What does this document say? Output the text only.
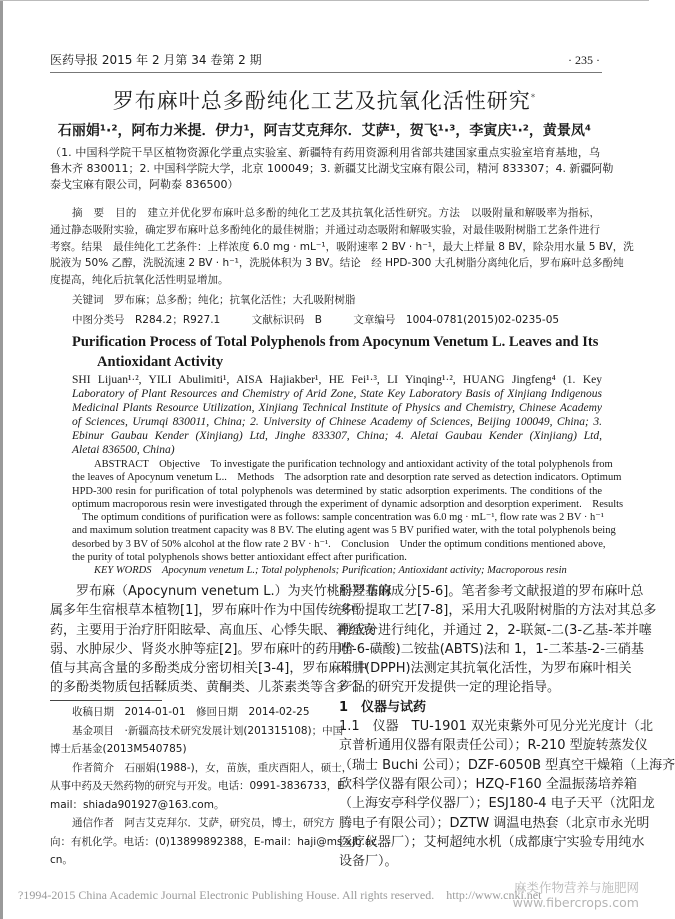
医药导报 2015 年 2 月第 34 卷第 2 期	· 235 ·
罗布麻叶总多酚纯化工艺及抗氧化活性研究*
石丽娟¹·²，阿布力米提．伊力¹，阿吉艾克拜尔．艾萨¹，贺飞¹·³，李寅庆¹·²，黄景凤⁴
（1. 中国科学院干旱区植物资源化学重点实验室、新疆特有药用资源利用省部共建国家重点实验室培育基地，乌
鲁木齐 830011；2. 中国科学院大学，北京 100049；3. 新疆艾比湖戈宝麻有限公司，精河 833307；4. 新疆阿勒
泰戈宝麻有限公司，阿勒泰 836500）
摘　要　目的　建立并优化罗布麻叶总多酚的纯化工艺及其抗氧化活性研究。方法　以吸附量和解吸率为指标，
通过静态吸附实验，确定罗布麻叶总多酚纯化的最佳树脂；并通过动态吸附和解吸实验，对最佳吸附树脂工艺条件进行
考察。结果　最佳纯化工艺条件：上样浓度 6.0 mg · mL⁻¹，吸附速率 2 BV · h⁻¹，最大上样量 8 BV，除杂用水量 5 BV，洗
脱液为 50% 乙醇，洗脱流速 2 BV · h⁻¹，洗脱体积为 3 BV。结论　经 HPD-300 大孔树脂分离纯化后，罗布麻叶总多酚纯
度提高，纯化后抗氧化活性明显增加。
关键词　罗布麻；总多酚；纯化；抗氧化活性；大孔吸附树脂
中图分类号　R284.2；R927.1　　　文献标识码　B　　　文章编号　1004-0781(2015)02-0235-05
Purification Process of Total Polyphenols from Apocynum Venetum L. Leaves and Its
Antioxidant Activity
SHI Lijuan¹·², YILI Abulimiti¹, AISA Hajiakber¹, HE Fei¹·³, LI Yinqing¹·², HUANG Jingfeng⁴ (1. Key
Laboratory of Plant Resources and Chemistry of Arid Zone, State Key Laboratory Basis of Xinjiang Indigenous
Medicinal Plants Resource Utilization, Xinjiang Technical Institute of Physics and Chemistry, Chinese Academy
of Sciences, Urumqi 830011, China; 2. University of Chinese Academy of Sciences, Beijing 100049, China; 3.
Ebinur Gaubau Kender (Xinjiang) Ltd, Jinghe 833307, China; 4. Aletai Gaubau Kender (Xinjiang) Ltd,
Aletai 836500, China)
ABSTRACT　Objective　To investigate the purification technology and antioxidant activity of the total polyphenols from
the leaves of Apocynum venetum L..　Methods　The adsorption rate and desorption rate served as detection indicators. Optimum
HPD-300 resin for purification of total polyphenols was determined by static adsorption experiments. The conditions of the
optimum macroporous resin were investigated through the experiment of dynamic adsorption and desorption experiment.　Results
The optimum conditions of purification were as follows: sample concentration was 6.0 mg · mL⁻¹, flow rate was 2 BV · h⁻¹
and maximum solution treatment capacity was 8 BV. The eluting agent was 5 BV purified water, with the total polyphenols being
desorbed by 3 BV of 50% alcohol at the flow rate 2 BV · h⁻¹.　Conclusion　Under the optimum conditions mentioned above,
the purity of total polyphenols shows better antioxidant effect after purification.
KEY WORDS　Apocynum venetum L.; Total polyphenols; Purification; Antioxidant activity; Macroporous resin
罗布麻（Apocynum venetum L.）为夹竹桃科罗布麻
属多年生宿根草本植物[1]，罗布麻叶作为中国传统中
药，主要用于治疗肝阳眩晕、高血压、心悸失眠、神经衰
弱、水肿尿少、肾炎水肿等症[2]。罗布麻叶的药用价
值与其高含量的多酚类成分密切相关[3-4]，罗布麻叶中
的多酚类物质包括鞣质类、黄酮类、儿茶素类等含多个
收稿日期　2014-01-01　修回日期　2014-02-25
基金项目　·新疆高技术研究发展计划(201315108)；中国
博士后基金(2013M540785)
作者简介　石丽娟(1988-)，女，苗族，重庆酉阳人，硕士，
从事中药及天然药物的研究与开发。电话：0991-3836733，E-
mail：shiada901927@163.com。
通信作者　阿吉艾克拜尔．艾萨，研究员，博士，研究方
向：有机化学。电话：(0)13899892388，E-mail：haji@ms.xjb.ac.
cn。
酚羟基的成分[5-6]。笔者参考文献报道的罗布麻叶总
多酚提取工艺[7-8]，采用大孔吸附树脂的方法对其总多
酚成分进行纯化，并通过 2，2-联氮-二(3-乙基-苯并噻
唑-6-磺酸)二铵盐(ABTS)法和 1，1-二苯基-2-三硝基
苯肼(DPPH)法测定其抗氧化活性，为罗布麻叶相关
产品的研究开发提供一定的理论指导。
1　仪器与试药
1.1　仪器　TU-1901 双光束紫外可见分光光度计（北
京普析通用仪器有限责任公司）；R-210 型旋转蒸发仪
（瑞士 Buchi 公司）；DZF-6050B 型真空干燥箱（上海齐
欣科学仪器有限公司）；HZQ-F160 全温振荡培养箱
（上海安亭科学仪器厂）；ESJ180-4 电子天平（沈阳龙
腾电子有限公司）；DZTW 调温电热套（北京市永光明
医疗仪器厂）；艾柯超纯水机（成都康宁实验专用纯水
设备厂）。
?1994-2015 China Academic Journal Electronic Publishing House. All rights reserved.　http://www.cnki.net
麻类作物营养与施肥网
www.fibercrops.com
